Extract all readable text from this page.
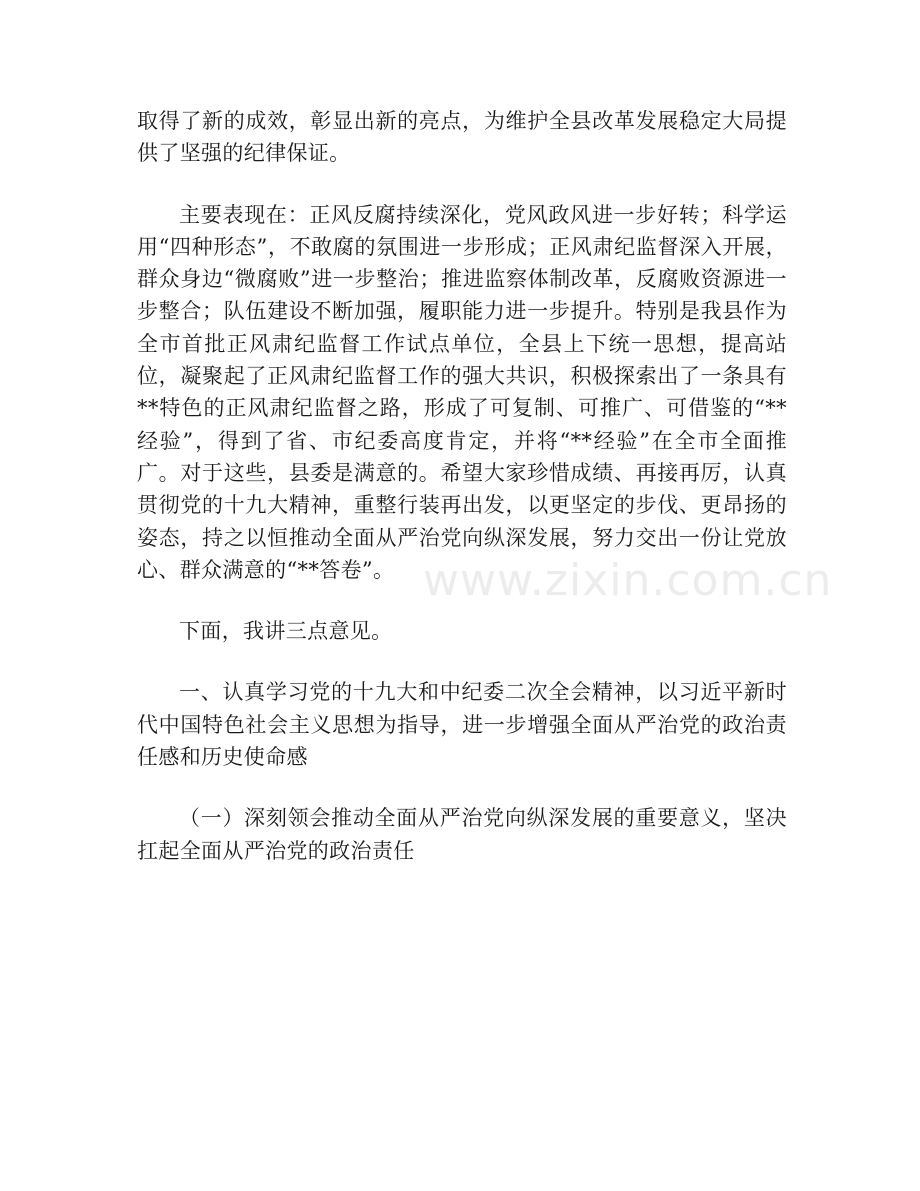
取得了新的成效，彰显出新的亮点，为维护全县改革发展稳定大局提供了坚强的纪律保证。

主要表现在：正风反腐持续深化，党风政风进一步好转；科学运用“四种形态”，不敢腐的氛围进一步形成；正风肃纪监督深入开展，群众身边“微腐败”进一步整治；推进监察体制改革，反腐败资源进一步整合；队伍建设不断加强，履职能力进一步提升。特别是我县作为全市首批正风肃纪监督工作试点单位，全县上下统一思想，提高站位，凝聚起了正风肃纪监督工作的强大共识，积极探索出了一条具有**特色的正风肃纪监督之路，形成了可复制、可推广、可借鉴的“**经验”，得到了省、市纪委高度肯定，并将“**经验”在全市全面推广。对于这些，县委是满意的。希望大家珍惜成绩、再接再厉，认真贯彻党的十九大精神，重整行装再出发，以更坚定的步伐、更昂扬的姿态，持之以恒推动全面从严治党向纵深发展，努力交出一份让党放心、群众满意的“**答卷”。

下面，我讲三点意见。

一、认真学习党的十九大和中纪委二次全会精神，以习近平新时代中国特色社会主义思想为指导，进一步增强全面从严治党的政治责任感和历史使命感

（一）深刻领会推动全面从严治党向纵深发展的重要意义，坚决扛起全面从严治党的政治责任

www.zixin.com.cn
